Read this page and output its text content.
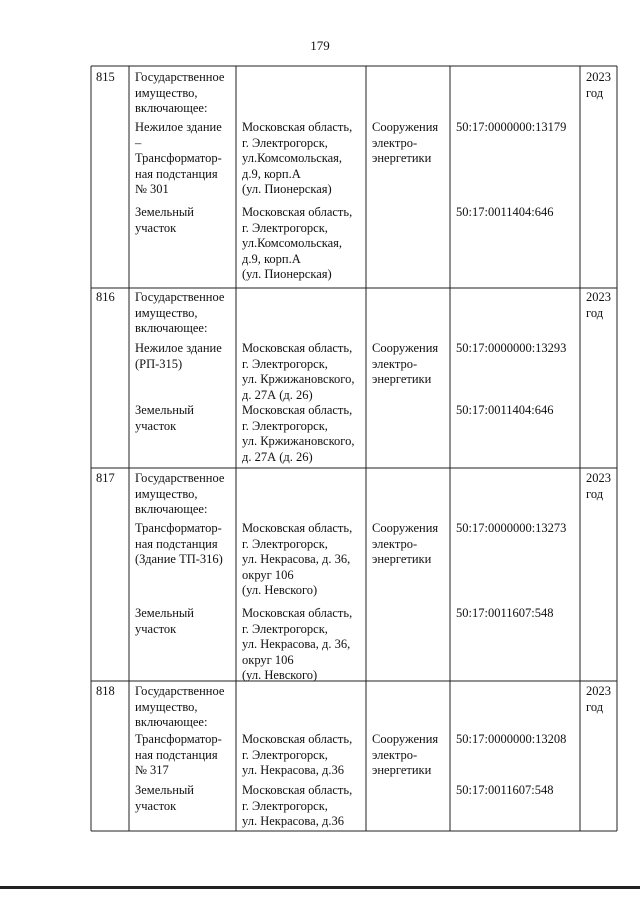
179
815 Государственное
имущество,
включающее:
2023
год
Нежилое здание
–
Трансформатор-
ная подстанция
№ 301
Московская область,
г. Электрогорск,
ул.Комсомольская,
д.9, корп.А
(ул. Пионерская)
Сооружения
электро-
энергетики
50:17:0000000:13179
Земельный
участок
Московская область,
г. Электрогорск,
ул.Комсомольская,
д.9, корп.А
(ул. Пионерская)
50:17:0011404:646
816 Государственное
имущество,
включающее:
2023
год
Нежилое здание
(РП-315)
Московская область,
г. Электрогорск,
ул. Кржижановского,
д. 27А (д. 26)
Сооружения
электро-
энергетики
50:17:0000000:13293
Земельный
участок
Московская область,
г. Электрогорск,
ул. Кржижановского,
д. 27А (д. 26)
50:17:0011404:646
817 Государственное
имущество,
включающее:
2023
год
Трансформатор-
ная подстанция
(Здание ТП-316)
Московская область,
г. Электрогорск,
ул. Некрасова, д. 36,
округ 106
(ул. Невского)
Сооружения
электро-
энергетики
50:17:0000000:13273
Земельный
участок
Московская область,
г. Электрогорск,
ул. Некрасова, д. 36,
округ 106
(ул. Невского)
50:17:0011607:548
818 Государственное
имущество,
включающее:
2023
год
Трансформатор-
ная подстанция
№ 317
Московская область,
г. Электрогорск,
ул. Некрасова, д.36
Сооружения
электро-
энергетики
50:17:0000000:13208
Земельный
участок
Московская область,
г. Электрогорск,
ул. Некрасова, д.36
50:17:0011607:548
